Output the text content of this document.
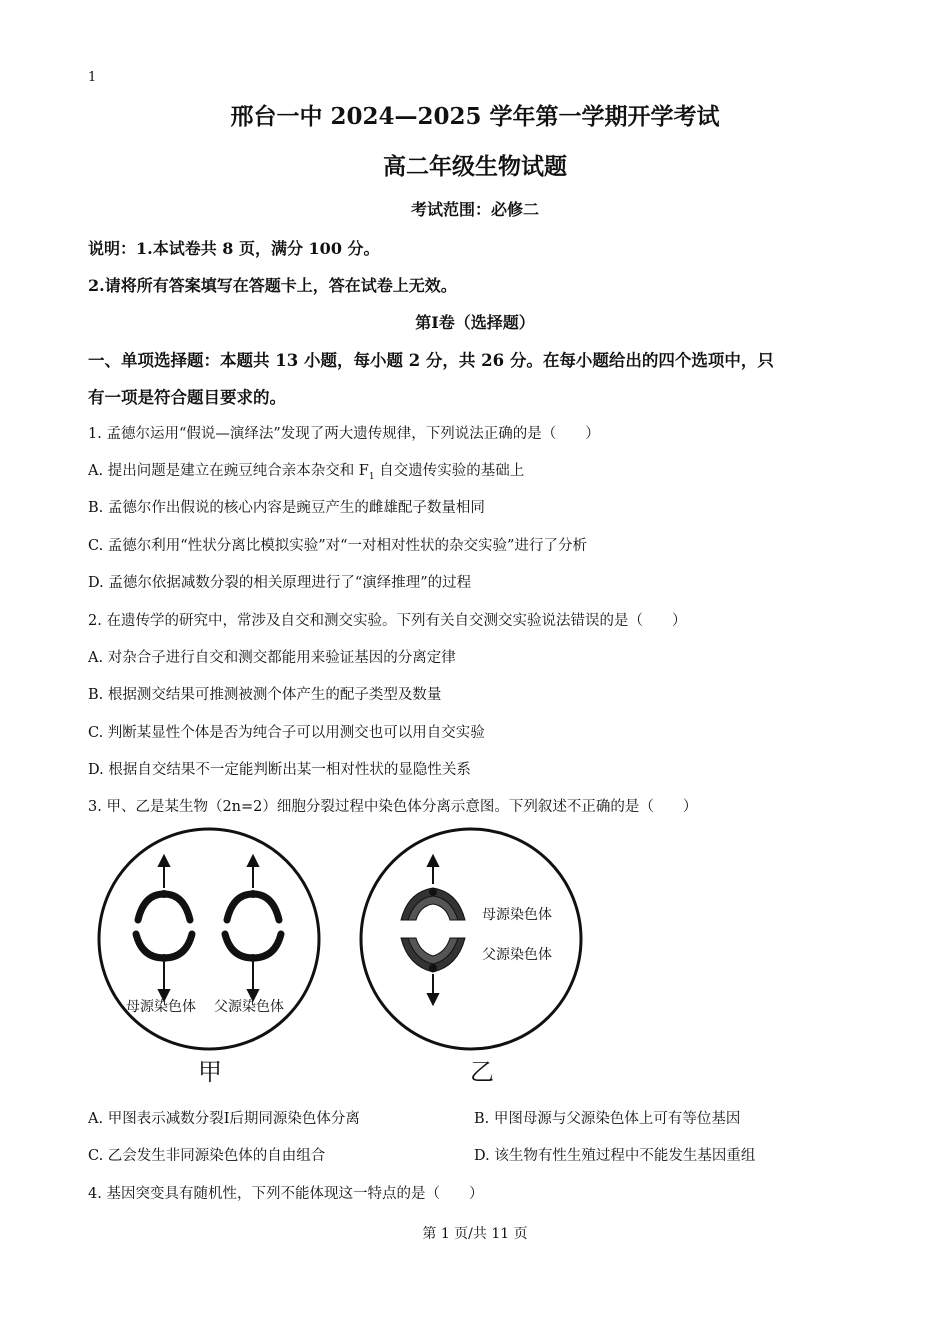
1
邢台一中 2024—2025 学年第一学期开学考试
高二年级生物试题
考试范围：必修二
说明：1.本试卷共 8 页，满分 100 分。
2.请将所有答案填写在答题卡上，答在试卷上无效。
第Ⅰ卷（选择题）
一、单项选择题：本题共 13 小题，每小题 2 分，共 26 分。在每小题给出的四个选项中，只
有一项是符合题目要求的。
1. 孟德尔运用“假说—演绎法”发现了两大遗传规律，下列说法正确的是（　　）
A. 提出问题是建立在豌豆纯合亲本杂交和 $F_1$ 自交遗传实验的基础上
B. 孟德尔作出假说的核心内容是豌豆产生的雌雄配子数量相同
C. 孟德尔利用“性状分离比模拟实验”对“一对相对性状的杂交实验”进行了分析
D. 孟德尔依据减数分裂的相关原理进行了“演绎推理”的过程
2. 在遗传学的研究中，常涉及自交和测交实验。下列有关自交测交实验说法错误的是（　　）
A. 对杂合子进行自交和测交都能用来验证基因的分离定律
B. 根据测交结果可推测被测个体产生的配子类型及数量
C. 判断某显性个体是否为纯合子可以用测交也可以用自交实验
D. 根据自交结果不一定能判断出某一相对性状的显隐性关系
3. 甲、乙是某生物（2n=2）细胞分裂过程中染色体分离示意图。下列叙述不正确的是（　　）
母源染色体 父源染色体
甲
母源染色体
父源染色体
乙
A. 甲图表示减数分裂Ⅰ后期同源染色体分离	B. 甲图母源与父源染色体上可有等位基因
C. 乙会发生非同源染色体的自由组合	D. 该生物有性生殖过程中不能发生基因重组
4. 基因突变具有随机性，下列不能体现这一特点的是（　　）
第 1 页/共 11 页
